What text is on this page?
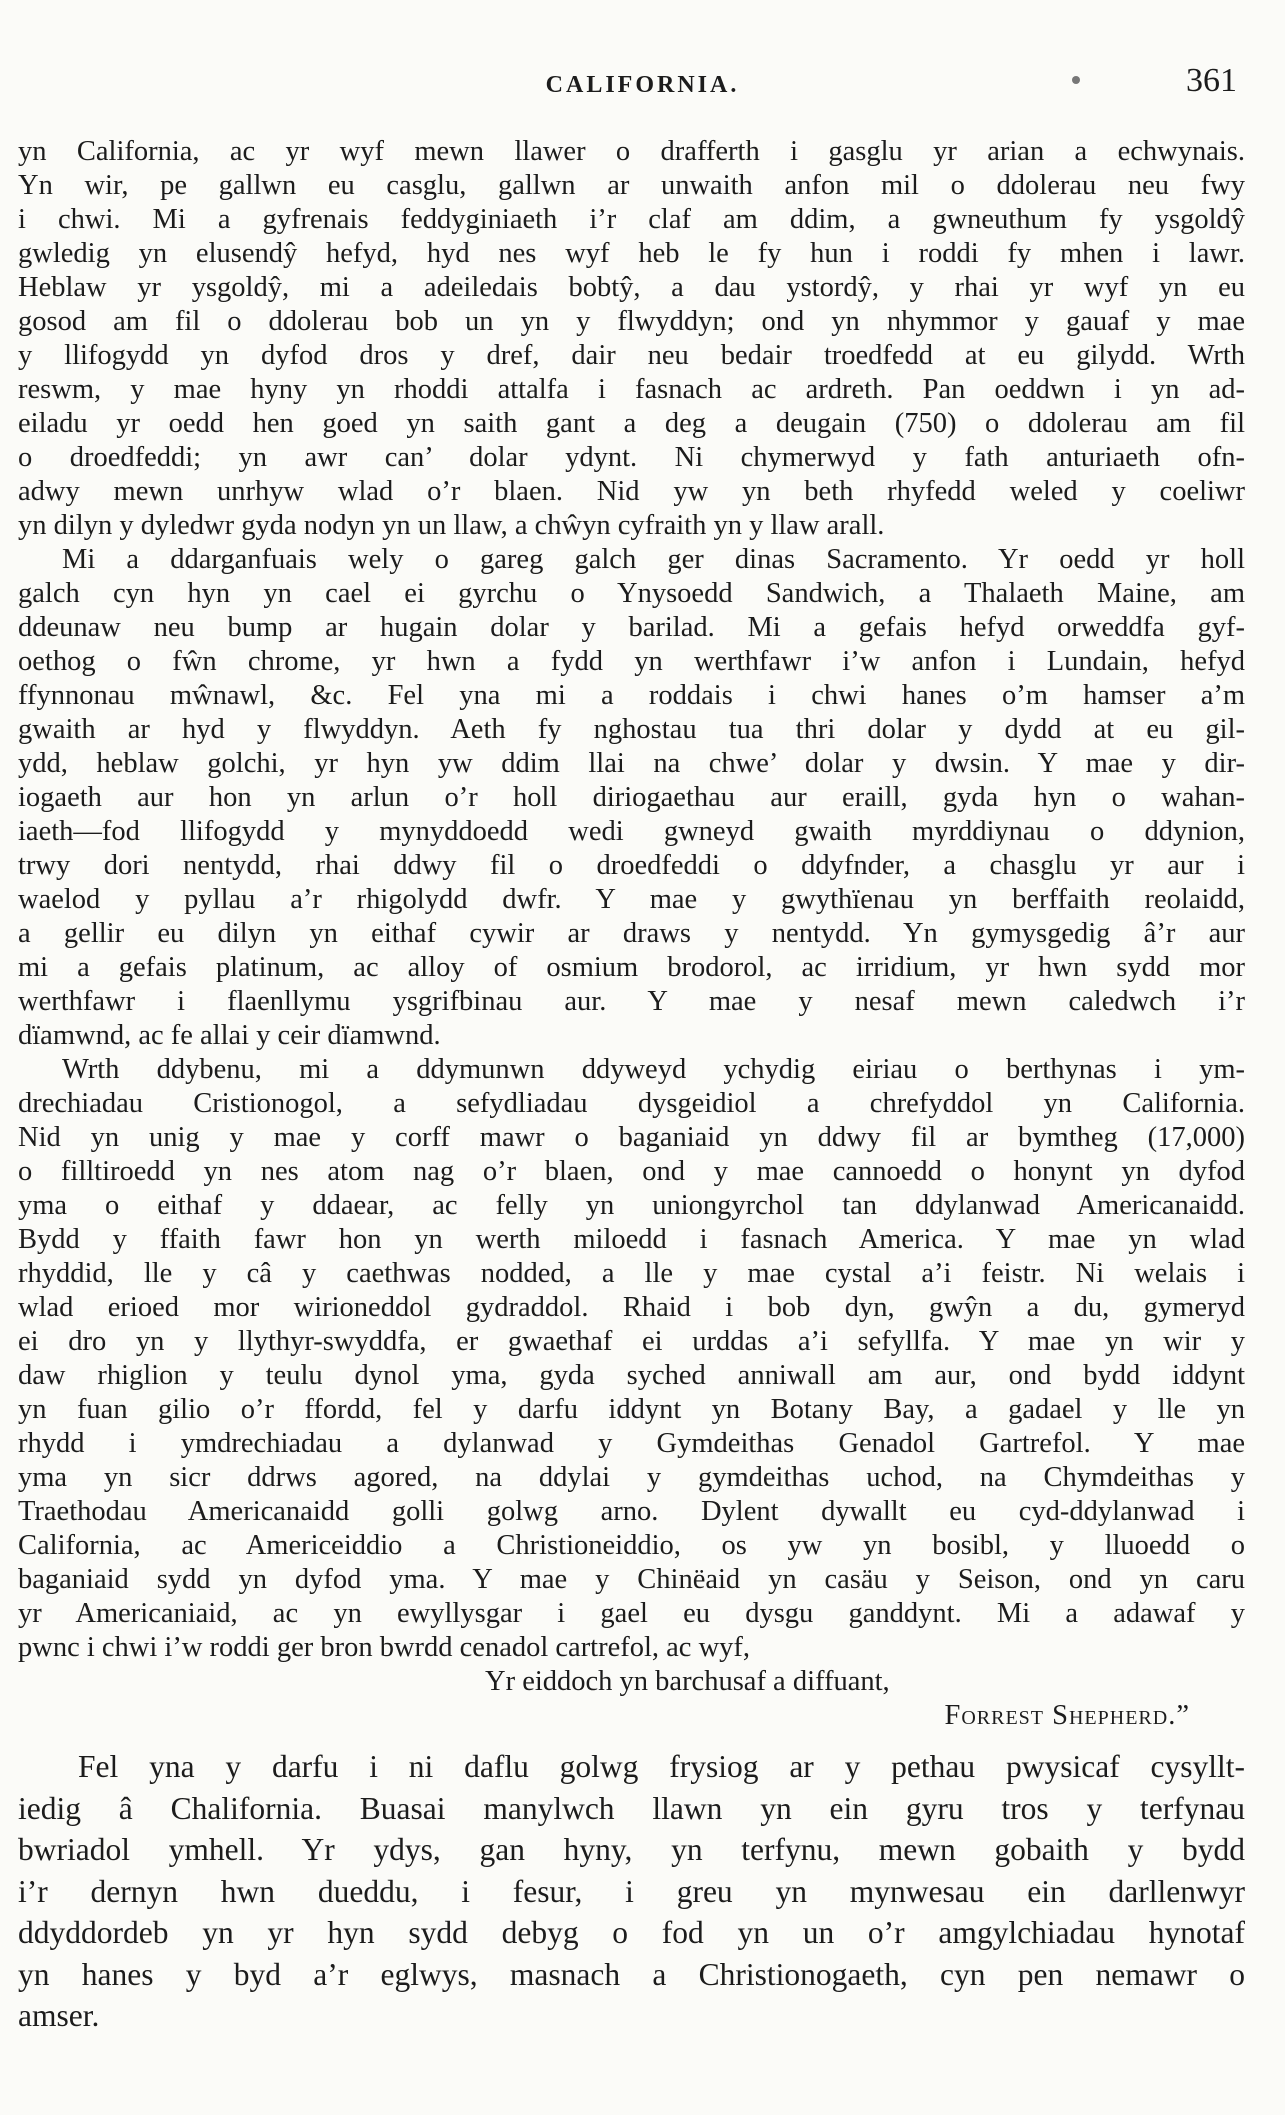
CALIFORNIA.	361
yn California, ac yr wyf mewn llawer o drafferth i gasglu yr arian a echwynais.
Yn wir, pe gallwn eu casglu, gallwn ar unwaith anfon mil o ddolerau neu fwy
i chwi. Mi a gyfrenais feddyginiaeth i’r claf am ddim, a gwneuthum fy ysgoldŷ
gwledig yn elusendŷ hefyd, hyd nes wyf heb le fy hun i roddi fy mhen i lawr.
Heblaw yr ysgoldŷ, mi a adeiledais bobtŷ, a dau ystordŷ, y rhai yr wyf yn eu
gosod am fil o ddolerau bob un yn y flwyddyn; ond yn nhymmor y gauaf y mae
y llifogydd yn dyfod dros y dref, dair neu bedair troedfedd at eu gilydd. Wrth
reswm, y mae hyny yn rhoddi attalfa i fasnach ac ardreth. Pan oeddwn i yn ad-
eiladu yr oedd hen goed yn saith gant a deg a deugain (750) o ddolerau am fil
o droedfeddi; yn awr can’ dolar ydynt. Ni chymerwyd y fath anturiaeth ofn-
adwy mewn unrhyw wlad o’r blaen. Nid yw yn beth rhyfedd weled y coeliwr
yn dilyn y dyledwr gyda nodyn yn un llaw, a chŵyn cyfraith yn y llaw arall.
Mi a ddarganfuais wely o gareg galch ger dinas Sacramento. Yr oedd yr holl
galch cyn hyn yn cael ei gyrchu o Ynysoedd Sandwich, a Thalaeth Maine, am
ddeunaw neu bump ar hugain dolar y barilad. Mi a gefais hefyd orweddfa gyf-
oethog o fŵn chrome, yr hwn a fydd yn werthfawr i’w anfon i Lundain, hefyd
ffynnonau mŵnawl, &c. Fel yna mi a roddais i chwi hanes o’m hamser a’m
gwaith ar hyd y flwyddyn. Aeth fy nghostau tua thri dolar y dydd at eu gil-
ydd, heblaw golchi, yr hyn yw ddim llai na chwe’ dolar y dwsin. Y mae y dir-
iogaeth aur hon yn arlun o’r holl diriogaethau aur eraill, gyda hyn o wahan-
iaeth—fod llifogydd y mynyddoedd wedi gwneyd gwaith myrddiynau o ddynion,
trwy dori nentydd, rhai ddwy fil o droedfeddi o ddyfnder, a chasglu yr aur i
waelod y pyllau a’r rhigolydd dwfr. Y mae y gwythïenau yn berffaith reolaidd,
a gellir eu dilyn yn eithaf cywir ar draws y nentydd. Yn gymysgedig â’r aur
mi a gefais platinum, ac alloy of osmium brodorol, ac irridium, yr hwn sydd mor
werthfawr i flaenllymu ysgrifbinau aur. Y mae y nesaf mewn caledwch i’r
dïamwnd, ac fe allai y ceir dïamwnd.
Wrth ddybenu, mi a ddymunwn ddyweyd ychydig eiriau o berthynas i ym-
drechiadau Cristionogol, a sefydliadau dysgeidiol a chrefyddol yn California.
Nid yn unig y mae y corff mawr o baganiaid yn ddwy fil ar bymtheg (17,000)
o filltiroedd yn nes atom nag o’r blaen, ond y mae cannoedd o honynt yn dyfod
yma o eithaf y ddaear, ac felly yn uniongyrchol tan ddylanwad Americanaidd.
Bydd y ffaith fawr hon yn werth miloedd i fasnach America. Y mae yn wlad
rhyddid, lle y câ y caethwas nodded, a lle y mae cystal a’i feistr. Ni welais i
wlad erioed mor wirioneddol gydraddol. Rhaid i bob dyn, gwŷn a du, gymeryd
ei dro yn y llythyr-swyddfa, er gwaethaf ei urddas a’i sefyllfa. Y mae yn wir y
daw rhiglion y teulu dynol yma, gyda syched anniwall am aur, ond bydd iddynt
yn fuan gilio o’r ffordd, fel y darfu iddynt yn Botany Bay, a gadael y lle yn
rhydd i ymdrechiadau a dylanwad y Gymdeithas Genadol Gartrefol. Y mae
yma yn sicr ddrws agored, na ddylai y gymdeithas uchod, na Chymdeithas y
Traethodau Americanaidd golli golwg arno. Dylent dywallt eu cyd-ddylanwad i
California, ac Americeiddio a Christioneiddio, os yw yn bosibl, y lluoedd o
baganiaid sydd yn dyfod yma. Y mae y Chinëaid yn casäu y Seison, ond yn caru
yr Americaniaid, ac yn ewyllysgar i gael eu dysgu ganddynt. Mi a adawaf y
pwnc i chwi i’w roddi ger bron bwrdd cenadol cartrefol, ac wyf,
Yr eiddoch yn barchusaf a diffuant,
Forrest Shepherd.”
Fel yna y darfu i ni daflu golwg frysiog ar y pethau pwysicaf cysyllt-
iedig â Chalifornia. Buasai manylwch llawn yn ein gyru tros y terfynau
bwriadol ymhell. Yr ydys, gan hyny, yn terfynu, mewn gobaith y bydd
i’r dernyn hwn dueddu, i fesur, i greu yn mynwesau ein darllenwyr
ddyddordeb yn yr hyn sydd debyg o fod yn un o’r amgylchiadau hynotaf
yn hanes y byd a’r eglwys, masnach a Christionogaeth, cyn pen nemawr o
amser.
